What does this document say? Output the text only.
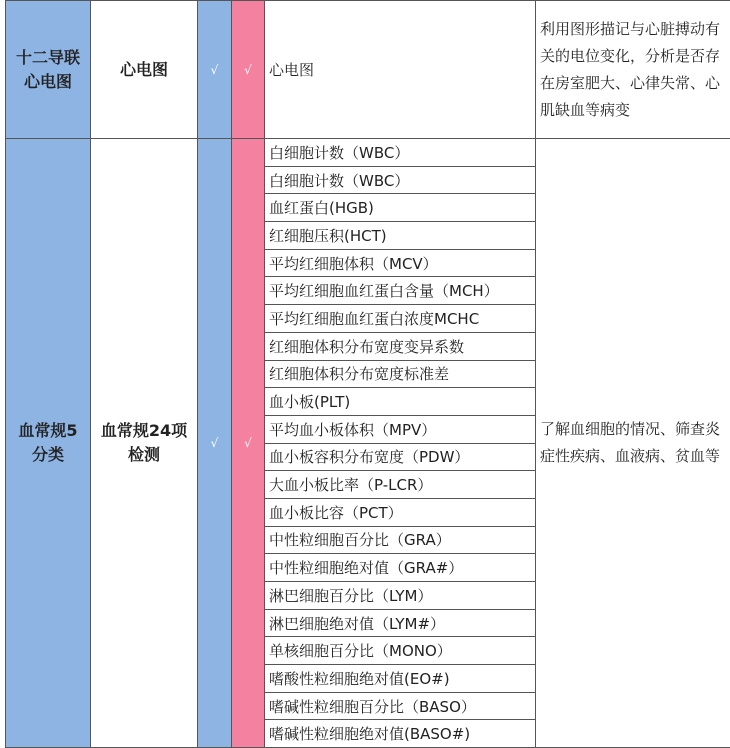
十二导联
心电图	心电图	√	√	心电图	利用图形描记与心脏搏动有关的电位变化，分析是否存在房室肥大、心律失常、心肌缺血等病变

血常规5
分类	血常规24项
检测	√	√	白细胞计数（WBC）	了解血细胞的情况、筛查炎症性疾病、血液病、贫血等
				白细胞计数（WBC）	
				血红蛋白(HGB)	
				红细胞压积(HCT)	
				平均红细胞体积（MCV）	
				平均红细胞血红蛋白含量（MCH）	
				平均红细胞血红蛋白浓度MCHC	
				红细胞体积分布宽度变异系数	
				红细胞体积分布宽度标准差	
				血小板(PLT)	
				平均血小板体积（MPV）	
				血小板容积分布宽度（PDW）	
				大血小板比率（P-LCR）	
				血小板比容（PCT）	
				中性粒细胞百分比（GRA）	
				中性粒细胞绝对值（GRA#）	
				淋巴细胞百分比（LYM）	
				淋巴细胞绝对值（LYM#）	
				单核细胞百分比（MONO）	
				嗜酸性粒细胞绝对值(EO#)	
				嗜碱性粒细胞百分比（BASO）	
				嗜碱性粒细胞绝对值(BASO#)	
